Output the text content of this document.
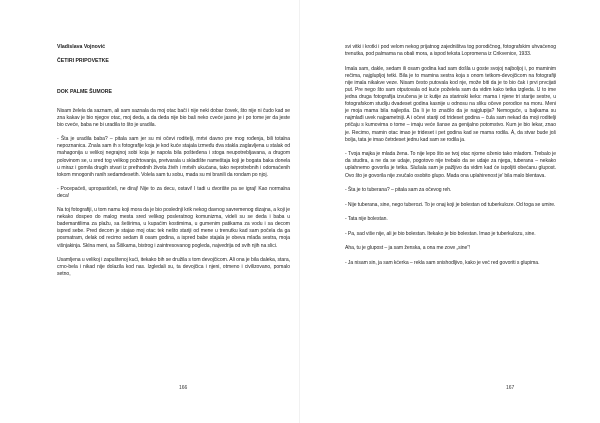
Vladislava Vojnović

ČETIRI PRIPOVETKE

DOK PALME ŠUMORE

Nisam želela da saznam, ali sam saznala da moj otac bači i nije neki dobar čovek, što nije ni čudo kad se zna kakav je bio njegov otac, moj deda, a da deda nije bio baš neko cveće jasno je i po tome jer da jeste bio cveće, baba ne bi uradila to što je uradila.

- Šta je uradila baba? – pitala sam jer su mi očevi roditelji, mrtvi davno pre mog rođenja, bili totalna nepoznanica. Znala sam ih s fotografije koja je kod kuće stajala između dva stakla zaglavljena u stalak od mahagonija u velikoj negrajnoj sobi koja je napola bila pošteđena i stoga neupotrebljavana, a drugom polovinom se, u sred tog velikog požrtovanja, pretvarala u skladište nameštaja koji je bogata baka donela u miraz i gomila drugih stvari iz prethodnih života živih i mrtvih ukućana, tako neprotrebnih i odomaćenih tokom mnogonih ranih sedamdesetih. Volela sam tu sobu, mada su mi branili da rondam po njoj.

- Pocepaćeš, upropastićeš, ne diraj! Nije to za decu, ostavi! I tadi u dvorište pa se igraj! Kao normalna deca!

Na toj fotografiji, u tom namu koji mora da je bio poslednji krik nekog davnog savremenog dizajna, a koji je nekako dospeo do malog mesta sred velikog posleratnog komunizma, videli su se deda i baba u bademantilima za plažu, sa šeširima, u kupaćim kostimima, u gumenim patikama za vodu i sa decom ispred sebe. Pred decom je stajao moj otac tek nešto stariji od mene u trenutku kad sam počela da ga posmatram, delak od recimo sedam ili osam godina, a ispred babe stajala je obeva mlađa sestra, moja višnjakinja. Sklna meni, sa Šiškama, bistrog i zaintresovanog pogleda, najvedrija od svih njih na slici.

Usamljena u velikoj i zapuštenoj kući, itekako bih se družila s tom devojčicom. Ali ona je bila daleka, stara, crno-bela i nikad nije dolazila kod nas. Izgledali su, ta devojčica i njeni, otmeno i civilizovano, pomalo setno,

svi vitki i krotki i pod velom nekog prijatnog zajedništva tog porodičnog, fotografskim uhvaćenog trenutka, pod palmama na obali mora, a ispod teksta Lopromena iz Crikvenice, 1933.

Imala sam, dakle, sedam ili osam godina kad sam došla u goste svojoj najboljoj i, po maminim rečima, najglupljoj tetki. Bila je to mamina sestra koja s onom tetkom-devojčicom na fotografiji nije imala nikakve veze. Nisam često putovala kod nje, može biti da je to bio čak i prvi prvcijati put. Pre nego što sam otputovala od kuće poželela sam da vidim kako tetka izgleda. U to ime jedna druga fotografija izvučena je iz kutije za starinski keks: mama i njene tri starije sestre, u fotografskom studiju dvadeset godina kasnije u odnosu na sliku očeve porodice na moru. Meni je moja mama bila najlepša. Da li je to značilo da je najglupija? Nemoguće, u bajkama su najmlađi uvek najpametniji. A i očevi stariji od trideset godina – čula sam nekad da moji roditelji pričaju s kumovima o tome – imaju veće šanse za genijalno potomstvo. Kum je bio lekar, znao je. Recimo, mamin otac imao je trideset i pet godina kad se mama rodila. Á, da stvar bude još bolja, tata je imao četrdeset jednu kad sam se rodila ja.

- Tvoja majka je mlada žena. To nije lepo što se tvoj otac njome oženio tako mladom. Trebalo je da studira, a ne da se udaje, pogotovo nije trebalo da se udaje za njega, tuberana – nekako uplahnemo govorila je tetka. Slušala sam je pažljivo da vidim kad će ispoljiti obećanu glupost. Ovo što je govorila nije zvučalo osobito glupo. Mada ona uplahirenost je’ bila malo blentava.

- Šta je to tuberana? – pitala sam za očevog reh.

- Nije tuberana, sine, nego tuberozi. To je onaj koji je bolestan od tuberkuloze. Od toga se umire.

- Tata nije bolestan.

- Pa, sad više nije, ali je bio bolestan. Itekako je bio bolestan. Imao je tuberkulozu, sine.

Aha, tu je glupost – ja sam ženska, a ona me zove „sine“!

- Ja nisam sin, ja sam kćerka – rekla sam snishodljivo, kako je već red govoriti s glupima.

166	167
